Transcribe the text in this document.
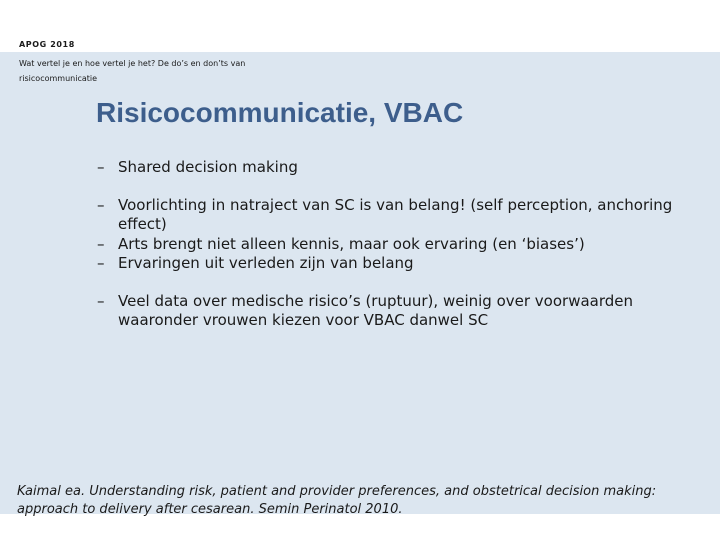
APOG 2018
Wat vertel je en hoe vertel je het? De do’s en don’ts van risicocommunicatie
Risicocommunicatie, VBAC
– Shared decision making
– Voorlichting in natraject van SC is van belang! (self perception, anchoring effect)
– Arts brengt niet alleen kennis, maar ook ervaring (en ‘biases’)
– Ervaringen uit verleden zijn van belang
– Veel data over medische risico’s (ruptuur), weinig over voorwaarden waaronder vrouwen kiezen voor VBAC danwel SC
Kaimal ea. Understanding risk, patient and provider preferences, and obstetrical decision making: approach to delivery after cesarean. Semin Perinatol 2010.
